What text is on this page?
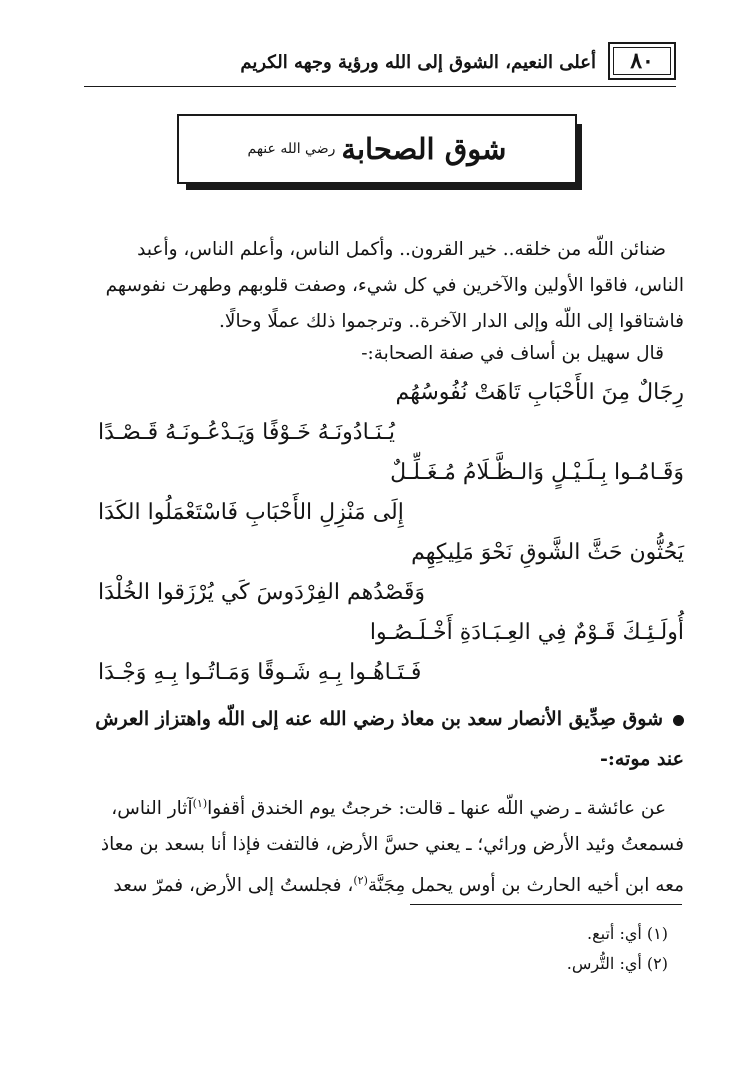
٨٠
أعلى النعيم، الشوق إلى الله ورؤية وجهه الكريم
شوق الصحابة
رضي الله عنهم
ضنائن اللّه من خلقه.. خير القرون.. وأكمل الناس، وأعلم الناس، وأعبد
الناس، فاقوا الأولين والآخرين في كل شيء، وصفت قلوبهم وطهرت نفوسهم
فاشتاقوا إلى اللّه وإلى الدار الآخرة.. وترجموا ذلك عملًا وحالًا.
قال سهيل بن أساف في صفة الصحابة:-
رِجَالٌ مِنَ الأَحْبَابِ تَاهَتْ نُفُوسُهُم
يُـنَـادُونَـهُ خَـوْفًا وَيَـدْعُـونَـهُ قَـصْـدًا
وَقَـامُـوا بِـلَـيْـلٍ وَالـظَّـلَامُ مُـغَـلِّـلٌ
إِلَى مَنْزِلِ الأَحْبَابِ فَاسْتَعْمَلُوا الكَدَا
يَحُثُّون حَثَّ الشَّوقِ نَحْوَ مَلِيكِهِم
وَقَصْدُهم الفِرْدَوسَ كَي يُرْزَقوا الخُلْدَا
أُولَـئِـكَ قَـوْمٌ فِي العِـبَـادَةِ أَخْـلَـصُـوا
فَـتَـاهُـوا بِـهِ شَـوقًا وَمَـاتُـوا بِـهِ وَجْـدَا
شوق صِدِّيق الأنصار سعد بن معاذ رضي الله عنه إلى اللّه واهتزاز العرش
عند موته:-
عن عائشة ـ رضي اللّه عنها ـ قالت: خرجتُ يوم الخندق أقفوا$^{(١)}$آثار الناس،
فسمعتُ وئيد الأرض ورائي؛ ـ يعني حسَّ الأرض، فالتفت فإذا أنا بسعد بن معاذ
معه ابن أخيه الحارث بن أوس يحمل مِجَنَّة$^{(٢)}$، فجلستُ إلى الأرض، فمرّ سعد
(١) أي: أتبع.
(٢) أي: التُّرس.
